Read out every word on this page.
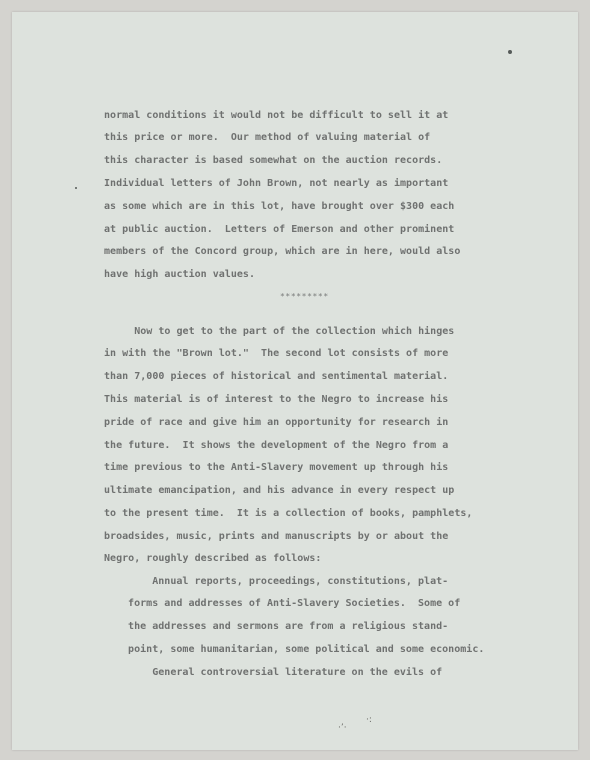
normal conditions it would not be difficult to sell it at

this price or more.  Our method of valuing material of

this character is based somewhat on the auction records.

Individual letters of John Brown, not nearly as important

as some which are in this lot, have brought over $300 each

at public auction.  Letters of Emerson and other prominent

members of the Concord group, which are in here, would also

have high auction values.

*********

Now to get to the part of the collection which hinges

in with the "Brown lot."  The second lot consists of more

than 7,000 pieces of historical and sentimental material.

This material is of interest to the Negro to increase his

pride of race and give him an opportunity for research in

the future.  It shows the development of the Negro from a

time previous to the Anti-Slavery movement up through his

ultimate emancipation, and his advance in every respect up

to the present time.  It is a collection of books, pamphlets,

broadsides, music, prints and manuscripts by or about the

Negro, roughly described as follows:

Annual reports, proceedings, constitutions, plat-

forms and addresses of Anti-Slavery Societies.  Some of

the addresses and sermons are from a religious stand-

point, some humanitarian, some political and some economic.

General controversial literature on the evils of

·’·
·:
